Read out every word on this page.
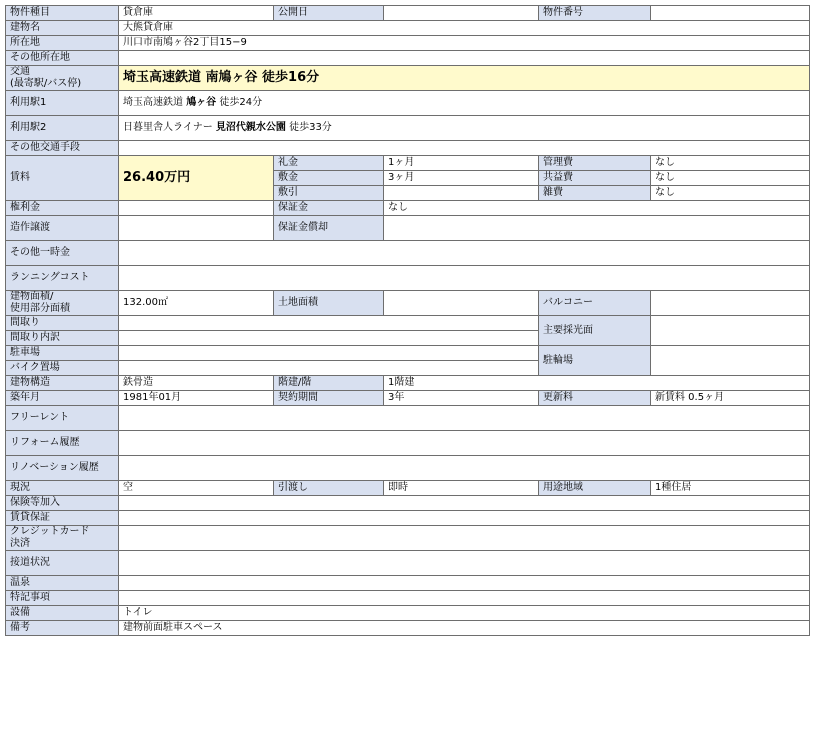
物件種目	貸倉庫	公開日		物件番号	
建物名	大熊貸倉庫				
所在地	川口市南鳩ヶ谷2丁目15−9				
その他所在地					

交通
(最寄駅/バス停)	埼玉高速鉄道 南鳩ヶ谷 徒歩16分				
利用駅1	埼玉高速鉄道 鳩ヶ谷 徒歩24分				
利用駅2	日暮里舎人ライナー 見沼代親水公園 徒歩33分				
その他交通手段					
賃料	26.40万円	礼金	1ヶ月	管理費	なし
		敷金	3ヶ月	共益費	なし
		敷引		雑費	なし
権利金		保証金	なし		
造作譲渡		保証金償却			
その他一時金					
ランニングコスト					

建物面積/
使用部分面積	132.00㎡	土地面積		バルコニー	
間取り				主要採光面	
間取り内訳					
駐車場				駐輪場	
バイク置場					
建物構造	鉄骨造	階建/階	1階建		
築年月	1981年01月	契約期間	3年	更新料	新賃料 0.5ヶ月
フリーレント					
リフォーム履歴					
リノベーション履歴					
現況	空	引渡し	即時	用途地域	1種住居
保険等加入					
賃貸保証					

クレジットカード
決済					

接道状況					
温泉					
特記事項					
設備	トイレ				
備考	建物前面駐車スペース				
